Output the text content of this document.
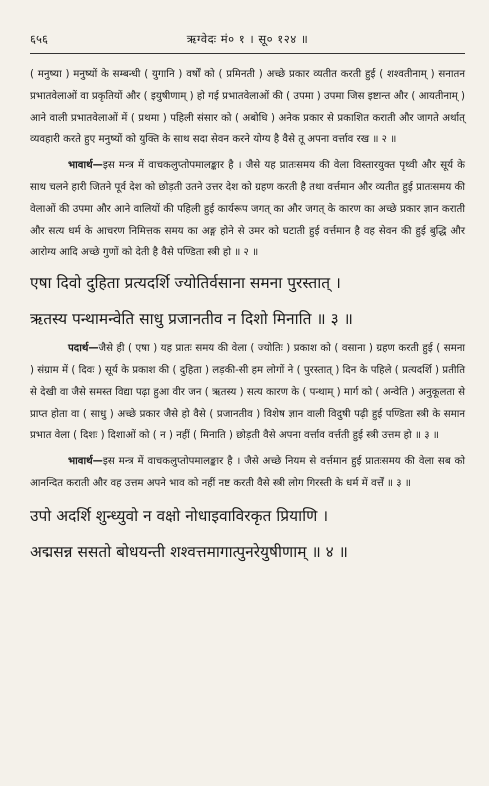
६५६	ऋग्वेदः मं० १ । सू० १२४ ॥

( मनुष्या ) मनुष्यों के सम्बन्धी ( युगानि ) वर्षों को ( प्रमिनती ) अच्छे प्रकार व्यतीत करती हुई ( शश्वतीनाम् ) सनातन प्रभातवेलाओं वा प्रकृतियों और ( इयुषीणाम् ) हो गई प्रभातवेलाओं की ( उपमा ) उपमा जिस इष्टान्त और ( आयतीनाम् ) आने वाली प्रभातवेलाओं में ( प्रथमा ) पहिली संसार को ( अबोधि ) अनेक प्रकार से प्रकाशित कराती और जागते अर्थात् व्यवहारी करते हुए मनुष्यों को युक्ति के साथ सदा सेवन करने योग्य है वैसे तू अपना वर्त्ताव रख ॥ २ ॥

भावार्थ—इस मन्त्र में वाचकलुप्तोपमालङ्कार है । जैसे यह प्रातःसमय की वेला विस्तारयुक्त पृथ्वी और सूर्य के साथ चलने हारी जितने पूर्व देश को छोड़ती उतने उत्तर देश को ग्रहण करती है तथा वर्त्तमान और व्यतीत हुई प्रातःसमय की वेलाओं की उपमा और आने वालियों की पहिली हुई कार्यरूप जगत् का और जगत् के कारण का अच्छे प्रकार ज्ञान कराती और सत्य धर्म के आचरण निमित्तक समय का अङ्ग होने से उमर को घटाती हुई वर्त्तमान है वह सेवन की हुई बुद्धि और आरोग्य आदि अच्छे गुणों को देती है वैसे पण्डिता स्त्री हो ॥ २ ॥

एषा दिवो दुहिता प्रत्यदर्शि ज्योतिर्वसाना समना पुरस्तात् ।

ऋतस्य पन्थामन्वेति साधु प्रजानतीव न दिशो मिनाति ॥ ३ ॥

पदार्थ—जैसे ही ( एषा ) यह प्रातः समय की वेला ( ज्योतिः ) प्रकाश को ( वसाना ) ग्रहण करती हुई ( समना ) संग्राम में ( दिवः ) सूर्य के प्रकाश की ( दुहिता ) लड़की-सी हम लोगों ने ( पुरस्तात् ) दिन के पहिले ( प्रत्यदर्शि ) प्रतीति से देखी वा जैसे समस्त विद्या पढ़ा हुआ वीर जन ( ऋतस्य ) सत्य कारण के ( पन्थाम् ) मार्ग को ( अन्वेति ) अनुकूलता से प्राप्त होता वा ( साधु ) अच्छे प्रकार जैसे हो वैसे ( प्रजानतीव ) विशेष ज्ञान वाली विदुषी पढ़ी हुई पण्डिता स्त्री के समान प्रभात वेला ( दिशः ) दिशाओं को ( न ) नहीं ( मिनाति ) छोड़ती वैसे अपना वर्त्ताव वर्त्तती हुई स्त्री उत्तम हो ॥ ३ ॥

भावार्थ—इस मन्त्र में वाचकलुप्तोपमालङ्कार है । जैसे अच्छे नियम से वर्त्तमान हुई प्रातःसमय की वेला सब को आनन्दित कराती और वह उत्तम अपने भाव को नहीं नष्ट करती वैसे स्त्री लोग गिरस्ती के धर्म में वर्त्तें ॥ ३ ॥

उपो अदर्शि शुन्ध्युवो न वक्षो नोधाइवाविरकृत प्रियाणि ।

अद्मसन्न ससतो बोधयन्ती शश्वत्तमागात्पुनरेयुषीणाम् ॥ ४ ॥
